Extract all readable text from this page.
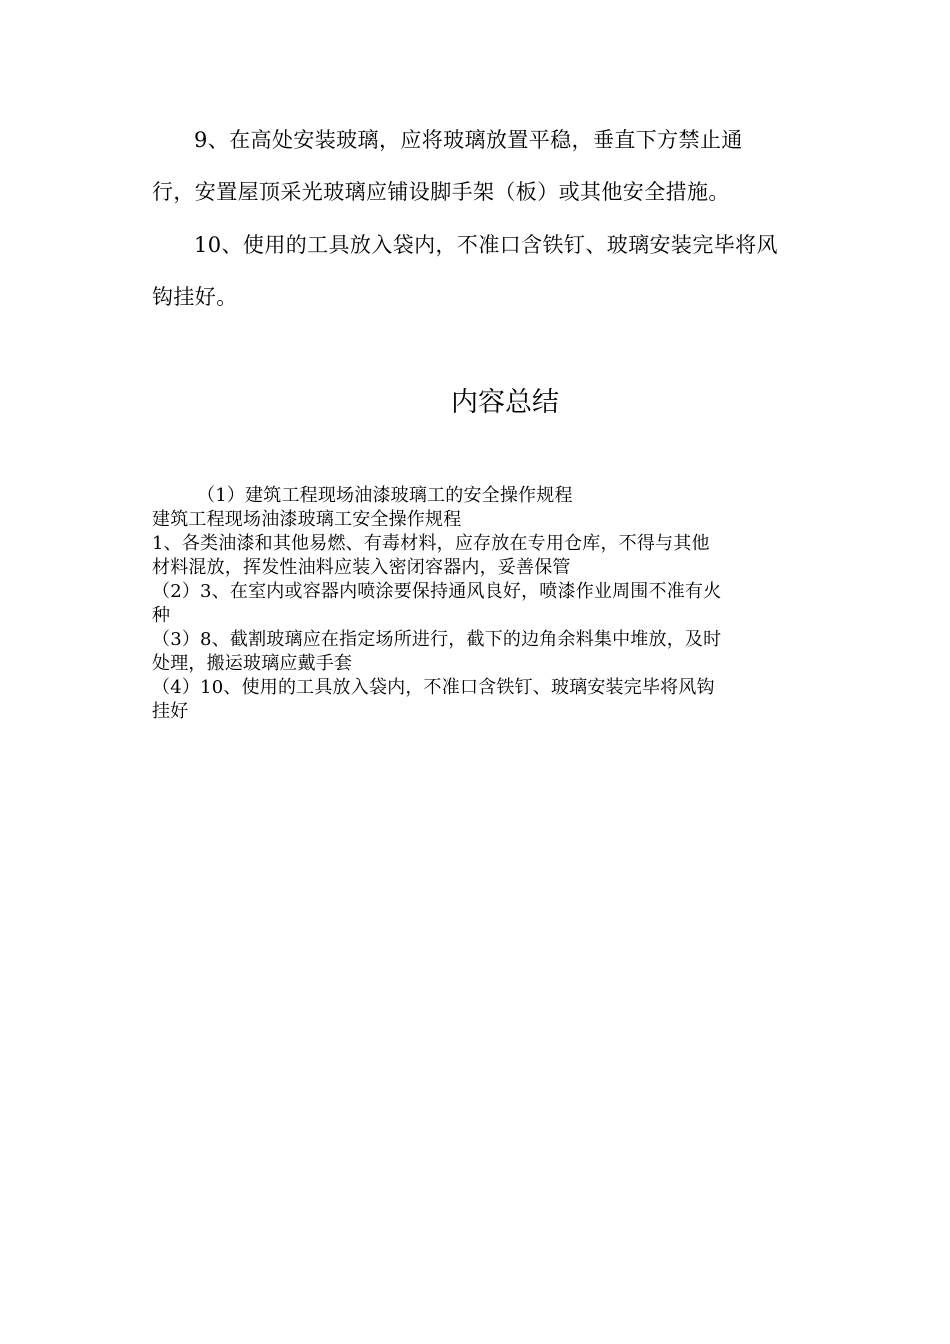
9、在高处安装玻璃，应将玻璃放置平稳，垂直下方禁止通

行，安置屋顶采光玻璃应铺设脚手架（板）或其他安全措施。

10、使用的工具放入袋内，不准口含铁钉、玻璃安装完毕将风

钩挂好。

内容总结

（1）建筑工程现场油漆玻璃工的安全操作规程

建筑工程现场油漆玻璃工安全操作规程

1、各类油漆和其他易燃、有毒材料，应存放在专用仓库，不得与其他

材料混放，挥发性油料应装入密闭容器内，妥善保管

（2）3、在室内或容器内喷涂要保持通风良好，喷漆作业周围不准有火

种

（3）8、截割玻璃应在指定场所进行，截下的边角余料集中堆放，及时

处理，搬运玻璃应戴手套

（4）10、使用的工具放入袋内，不准口含铁钉、玻璃安装完毕将风钩

挂好
